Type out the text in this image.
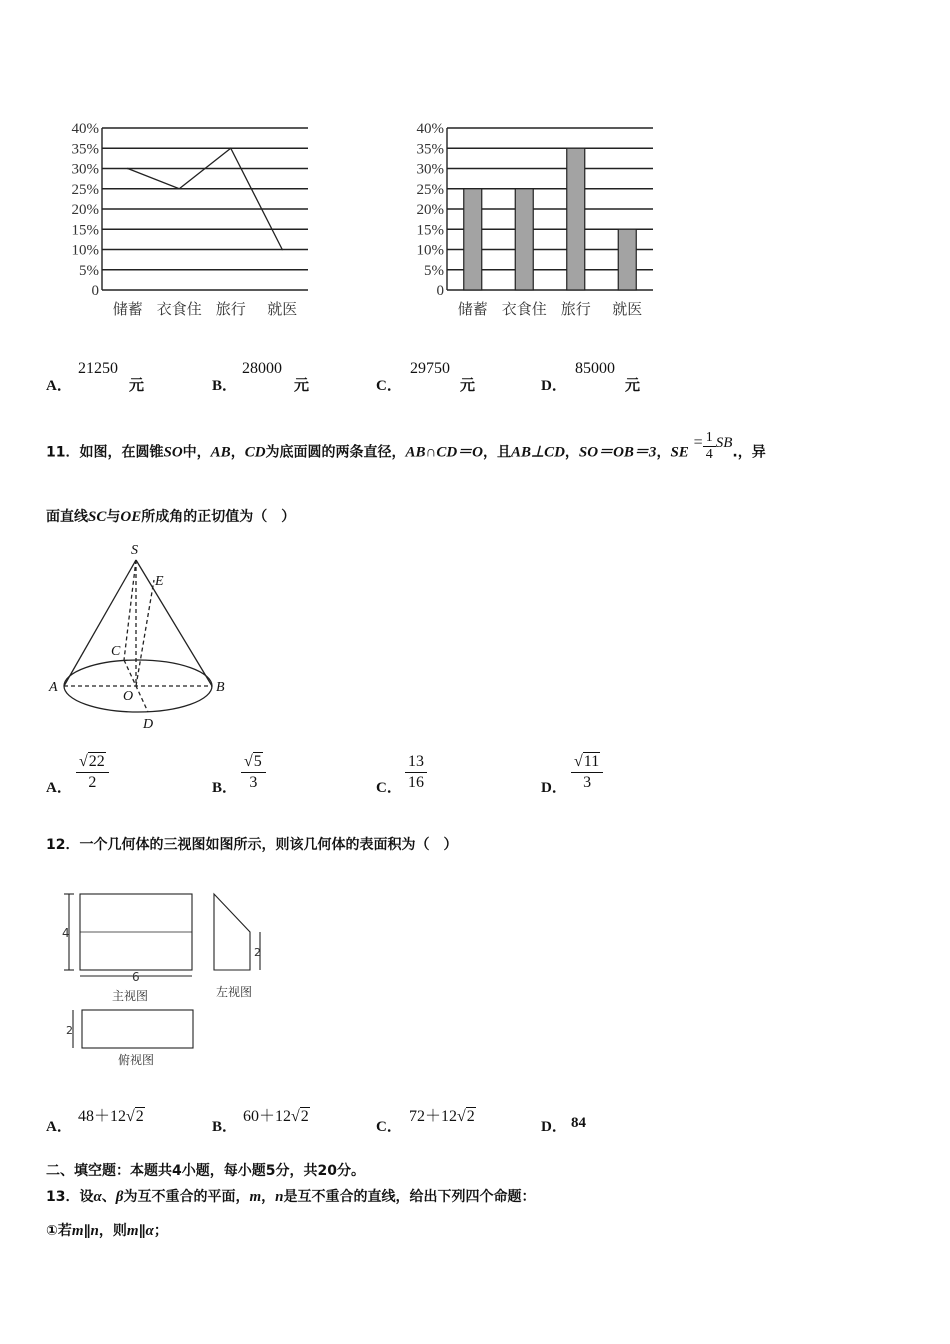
40%
35%
30%
25%
20%
15%
10%
5%
0
储蓄 衣食住 旅行 就医
40%
35%
30%
25%
20%
15%
10%
5%
0
储蓄 衣食住 旅行 就医
A．
21250
元	B．
28000
元	C．
29750
元	D．
85000
元
11．如图，在圆锥SO中，AB，CD为底面圆的两条直径，AB∩CD＝O，且AB⊥CD，SO＝OB＝3，SE = $\frac{1}{4}$ SB.，异
面直线SC与OE所成角的正切值为（　）
S
E
C
A
O
B
D
A． $\frac{√22}{2}$	B． $\frac{√5}{3}$	C． $\frac{13}{16}$	D． $\frac{√11}{3}$
12．一个几何体的三视图如图所示，则该几何体的表面积为（　）
4
6
2
2
主视图	左视图
俯视图
A．
48＋12√2
B．
60＋12√2
C．
72＋12√2
D． 84
二、填空题：本题共4小题，每小题5分，共20分。
13．设α、β为互不重合的平面，m，n是互不重合的直线，给出下列四个命题：
①若m∥n，则m∥α；
